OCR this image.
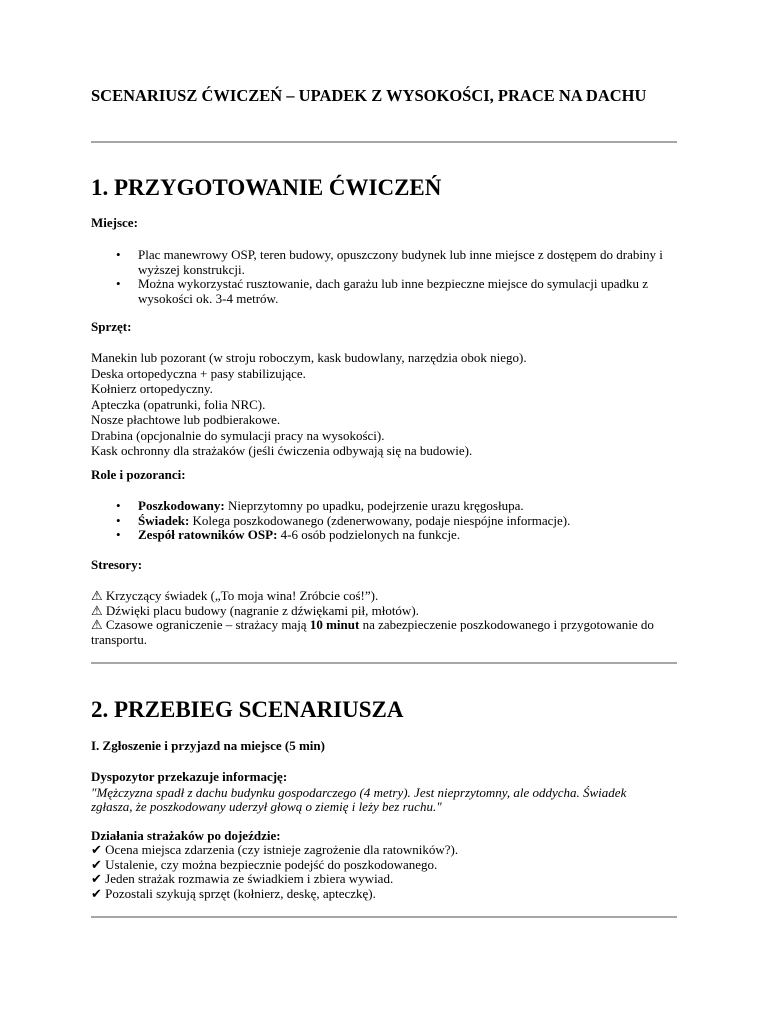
SCENARIUSZ ĆWICZEŃ – UPADEK Z WYSOKOŚCI, PRACE NA DACHU
1. PRZYGOTOWANIE ĆWICZEŃ

Miejsce:

• Plac manewrowy OSP, teren budowy, opuszczony budynek lub inne miejsce z dostępem do drabiny i wyższej konstrukcji.
• Można wykorzystać rusztowanie, dach garażu lub inne bezpieczne miejsce do symulacji upadku z wysokości ok. 3-4 metrów.

Sprzęt:

Manekin lub pozorant (w stroju roboczym, kask budowlany, narzędzia obok niego).
Deska ortopedyczna + pasy stabilizujące.
Kołnierz ortopedyczny.
Apteczka (opatrunki, folia NRC).
Nosze płachtowe lub podbierakowe.
Drabina (opcjonalnie do symulacji pracy na wysokości).
Kask ochronny dla strażaków (jeśli ćwiczenia odbywają się na budowie).

Role i pozoranci:

• Poszkodowany: Nieprzytomny po upadku, podejrzenie urazu kręgosłupa.
• Świadek: Kolega poszkodowanego (zdenerwowany, podaje niespójne informacje).
• Zespół ratowników OSP: 4-6 osób podzielonych na funkcje.

Stresory:

⚠ Krzyczący świadek („To moja wina! Zróbcie coś!”).
⚠ Dźwięki placu budowy (nagranie z dźwiękami pił, młotów).

⚠ Czasowe ograniczenie – strażacy mają 10 minut na zabezpieczenie poszkodowanego i przygotowanie do transportu.

2. PRZEBIEG SCENARIUSZA

I. Zgłoszenie i przyjazd na miejsce (5 min)

Dyspozytor przekazuje informację:
"Mężczyzna spadł z dachu budynku gospodarczego (4 metry). Jest nieprzytomny, ale oddycha. Świadek zgłasza, że poszkodowany uderzył głową o ziemię i leży bez ruchu."

Działania strażaków po dojeździe:

✔ Ocena miejsca zdarzenia (czy istnieje zagrożenie dla ratowników?).
✔ Ustalenie, czy można bezpiecznie podejść do poszkodowanego.
✔ Jeden strażak rozmawia ze świadkiem i zbiera wywiad.
✔ Pozostali szykują sprzęt (kołnierz, deskę, apteczkę).
